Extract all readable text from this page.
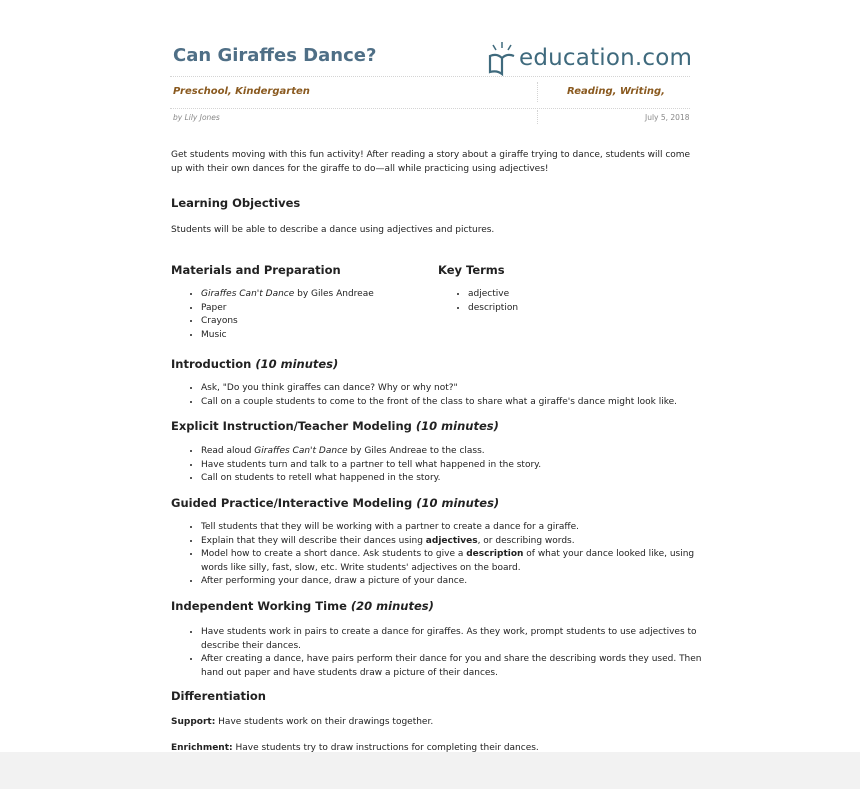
Can Giraffes Dance?	education.com
Preschool, Kindergarten	Reading, Writing,
by Lily Jones	July 5, 2018

Get students moving with this fun activity! After reading a story about a giraffe trying to dance, students will come up with their own dances for the giraffe to do—all while practicing using adjectives!

Learning Objectives

Students will be able to describe a dance using adjectives and pictures.

Materials and Preparation
• Giraffes Can't Dance by Giles Andreae
• Paper
• Crayons
• Music
Key Terms
• adjective
• description
Introduction (10 minutes)
• Ask, "Do you think giraffes can dance? Why or why not?"
• Call on a couple students to come to the front of the class to share what a giraffe's dance might look like.
Explicit Instruction/Teacher Modeling (10 minutes)
• Read aloud Giraffes Can't Dance by Giles Andreae to the class.
• Have students turn and talk to a partner to tell what happened in the story.
• Call on students to retell what happened in the story.
Guided Practice/Interactive Modeling (10 minutes)
• Tell students that they will be working with a partner to create a dance for a giraffe.
• Explain that they will describe their dances using adjectives, or describing words.
• Model how to create a short dance. Ask students to give a description of what your dance looked like, using words like silly, fast, slow, etc. Write students' adjectives on the board.
• After performing your dance, draw a picture of your dance.
Independent Working Time (20 minutes)
• Have students work in pairs to create a dance for giraffes. As they work, prompt students to use adjectives to describe their dances.
• After creating a dance, have pairs perform their dance for you and share the describing words they used. Then hand out paper and have students draw a picture of their dances.
Differentiation

Support: Have students work on their drawings together.

Enrichment: Have students try to draw instructions for completing their dances.
